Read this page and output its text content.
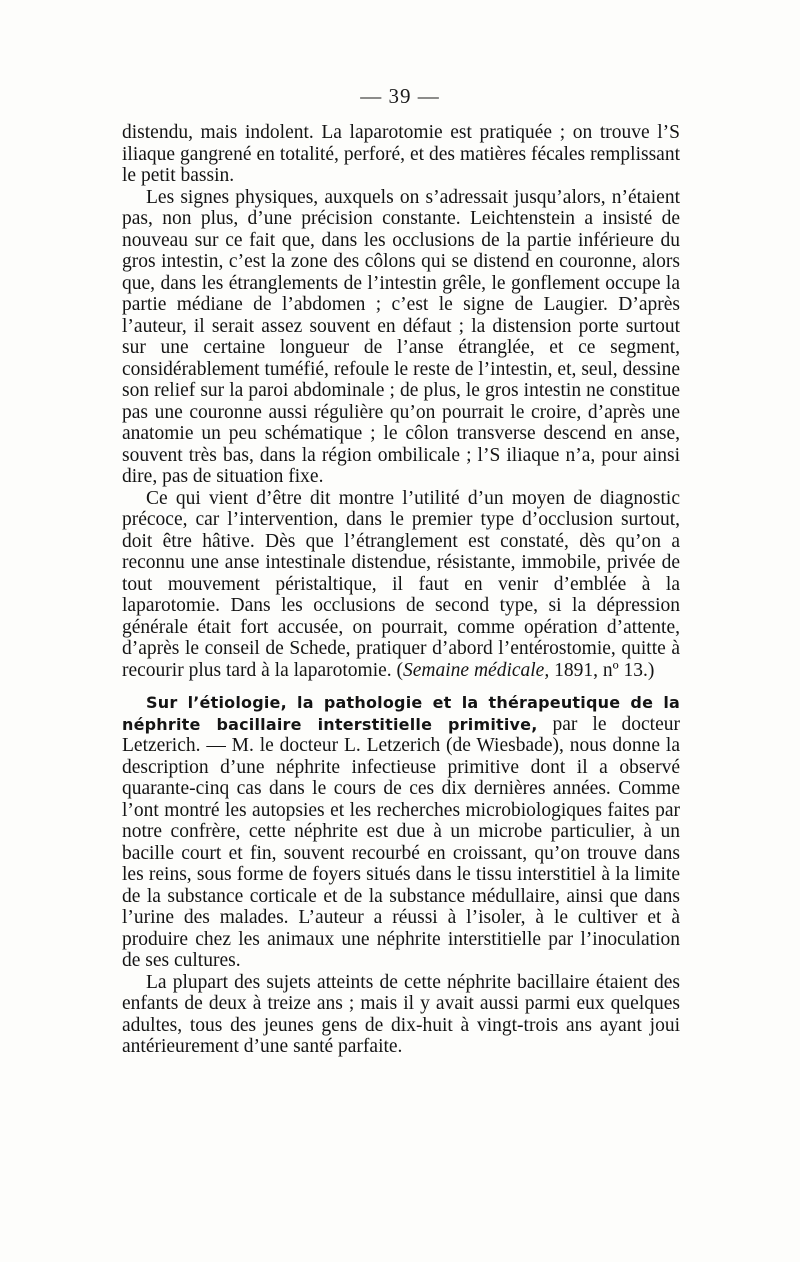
— 39 —

distendu, mais indolent. La laparotomie est pratiquée ; on trouve l’S iliaque gangrené en totalité, perforé, et des matières fécales remplissant le petit bassin.

Les signes physiques, auxquels on s’adressait jusqu’alors, n’étaient pas, non plus, d’une précision constante. Leichtenstein a insisté de nouveau sur ce fait que, dans les occlusions de la partie inférieure du gros intestin, c’est la zone des côlons qui se distend en couronne, alors que, dans les étranglements de l’intestin grêle, le gonflement occupe la partie médiane de l’abdomen ; c’est le signe de Laugier. D’après l’auteur, il serait assez souvent en défaut ; la distension porte surtout sur une certaine longueur de l’anse étranglée, et ce segment, considérablement tuméfié, refoule le reste de l’intestin, et, seul, dessine son relief sur la paroi abdominale ; de plus, le gros intestin ne constitue pas une couronne aussi régulière qu’on pourrait le croire, d’après une anatomie un peu schématique ; le côlon transverse descend en anse, souvent très bas, dans la région ombilicale ; l’S iliaque n’a, pour ainsi dire, pas de situation fixe.

Ce qui vient d’être dit montre l’utilité d’un moyen de diagnostic précoce, car l’intervention, dans le premier type d’occlusion surtout, doit être hâtive. Dès que l’étranglement est constaté, dès qu’on a reconnu une anse intestinale distendue, résistante, immobile, privée de tout mouvement péristaltique, il faut en venir d’emblée à la laparotomie. Dans les occlusions de second type, si la dépression générale était fort accusée, on pourrait, comme opération d’attente, d’après le conseil de Schede, pratiquer d’abord l’entérostomie, quitte à recourir plus tard à la laparotomie. (Semaine médicale, 1891, nº 13.)

Sur l’étiologie, la pathologie et la thérapeutique de la néphrite bacillaire interstitielle primitive, par le docteur Letzerich. — M. le docteur L. Letzerich (de Wiesbade), nous donne la description d’une néphrite infectieuse primitive dont il a observé quarante-cinq cas dans le cours de ces dix dernières années. Comme l’ont montré les autopsies et les recherches microbiologiques faites par notre confrère, cette néphrite est due à un microbe particulier, à un bacille court et fin, souvent recourbé en croissant, qu’on trouve dans les reins, sous forme de foyers situés dans le tissu interstitiel à la limite de la substance corticale et de la substance médullaire, ainsi que dans l’urine des malades. L’auteur a réussi à l’isoler, à le cultiver et à produire chez les animaux une néphrite interstitielle par l’inoculation de ses cultures.

La plupart des sujets atteints de cette néphrite bacillaire étaient des enfants de deux à treize ans ; mais il y avait aussi parmi eux quelques adultes, tous des jeunes gens de dix-huit à vingt-trois ans ayant joui antérieurement d’une santé parfaite.
